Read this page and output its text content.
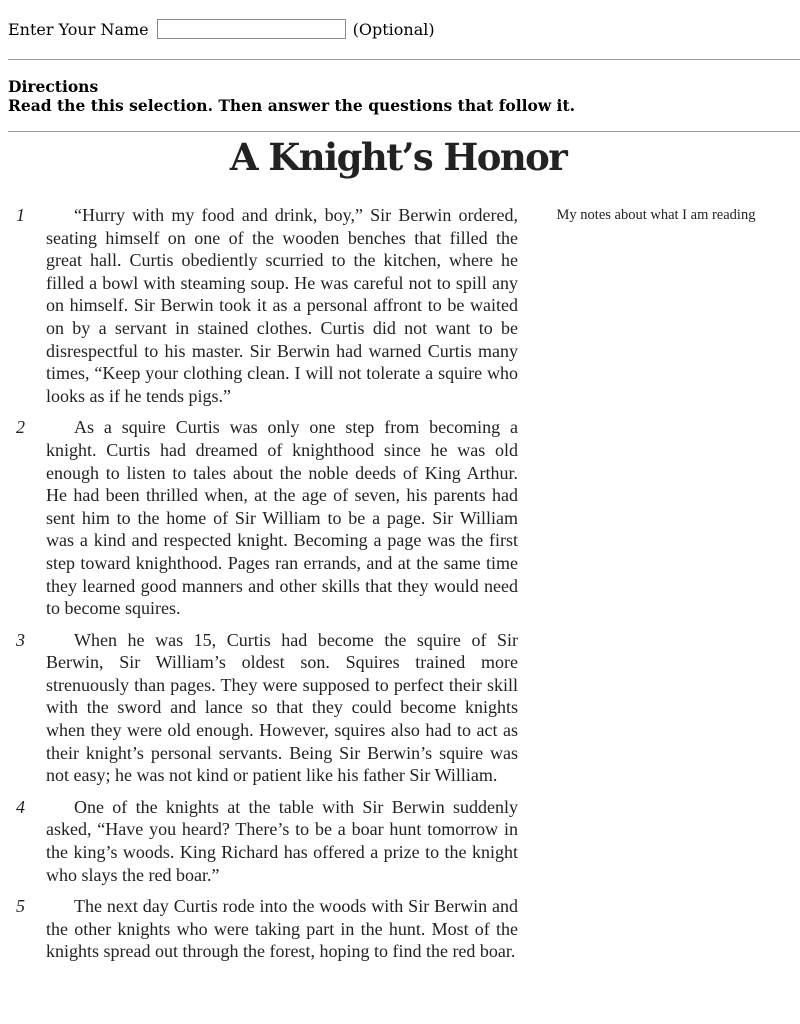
Enter Your Name	(Optional)
Directions
Read the this selection. Then answer the questions that follow it.
A Knight’s Honor
1	“Hurry with my food and drink, boy,” Sir Berwin ordered, seating himself on one of the wooden benches that filled the great hall. Curtis obediently scurried to the kitchen, where he filled a bowl with steaming soup. He was careful not to spill any on himself. Sir Berwin took it as a personal affront to be waited on by a servant in stained clothes. Curtis did not want to be disrespectful to his master. Sir Berwin had warned Curtis many times, “Keep your clothing clean. I will not tolerate a squire who looks as if he tends pigs.”

2	As a squire Curtis was only one step from becoming a knight. Curtis had dreamed of knighthood since he was old enough to listen to tales about the noble deeds of King Arthur. He had been thrilled when, at the age of seven, his parents had sent him to the home of Sir William to be a page. Sir William was a kind and respected knight. Becoming a page was the first step toward knighthood. Pages ran errands, and at the same time they learned good manners and other skills that they would need to become squires.

3	When he was 15, Curtis had become the squire of Sir Berwin, Sir William’s oldest son. Squires trained more strenuously than pages. They were supposed to perfect their skill with the sword and lance so that they could become knights when they were old enough. However, squires also had to act as their knight’s personal servants. Being Sir Berwin’s squire was not easy; he was not kind or patient like his father Sir William.

4	One of the knights at the table with Sir Berwin suddenly asked, “Have you heard? There’s to be a boar hunt tomorrow in the king’s woods. King Richard has offered a prize to the knight who slays the red boar.”

5	The next day Curtis rode into the woods with Sir Berwin and the other knights who were taking part in the hunt. Most of the knights spread out through the forest, hoping to find the red boar.

My notes about what I am reading
